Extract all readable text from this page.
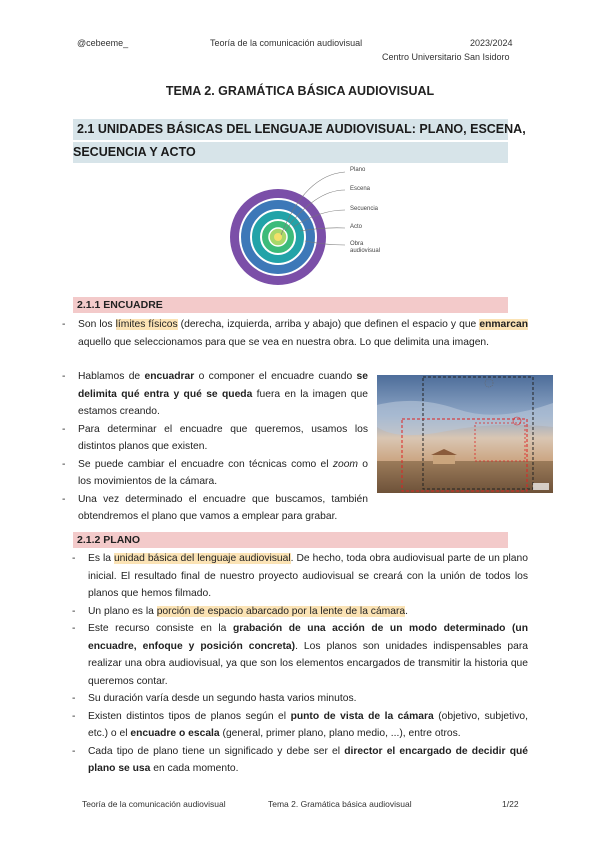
@cebeeme_	Teoría de la comunicación audiovisual	2023/2024
Centro Universitario San Isidoro
TEMA 2. GRAMÁTICA BÁSICA AUDIOVISUAL
2.1 UNIDADES BÁSICAS DEL LENGUAJE AUDIOVISUAL: PLANO, ESCENA,
SECUENCIA Y ACTO
Plano
Escena
Secuencia
Acto
Obra
audiovisual
2.1.1 ENCUADRE

- Son los límites físicos (derecha, izquierda, arriba y abajo) que definen el espacio y que enmarcan aquello que seleccionamos para que se vea en nuestra obra. Lo que delimita una imagen.

- Hablamos de encuadrar o componer el encuadre cuando se delimita qué entra y qué se queda fuera en la imagen que estamos creando.

- Para determinar el encuadre que queremos, usamos los distintos planos que existen.

- Se puede cambiar el encuadre con técnicas como el zoom o los movimientos de la cámara.

- Una vez determinado el encuadre que buscamos, también obtendremos el plano que vamos a emplear para grabar.

2.1.2 PLANO

- Es la unidad básica del lenguaje audiovisual. De hecho, toda obra audiovisual parte de un plano inicial. El resultado final de nuestro proyecto audiovisual se creará con la unión de todos los planos que hemos filmado.

- Un plano es la porción de espacio abarcado por la lente de la cámara.

- Este recurso consiste en la grabación de una acción de un modo determinado (un encuadre, enfoque y posición concreta). Los planos son unidades indispensables para realizar una obra audiovisual, ya que son los elementos encargados de transmitir la historia que queremos contar.

- Su duración varía desde un segundo hasta varios minutos.

- Existen distintos tipos de planos según el punto de vista de la cámara (objetivo, subjetivo, etc.) o el encuadre o escala (general, primer plano, plano medio, ...), entre otros.

- Cada tipo de plano tiene un significado y debe ser el director el encargado de decidir qué plano se usa en cada momento.

Teoría de la comunicación audiovisual	Tema 2. Gramática básica audiovisual	1/22
